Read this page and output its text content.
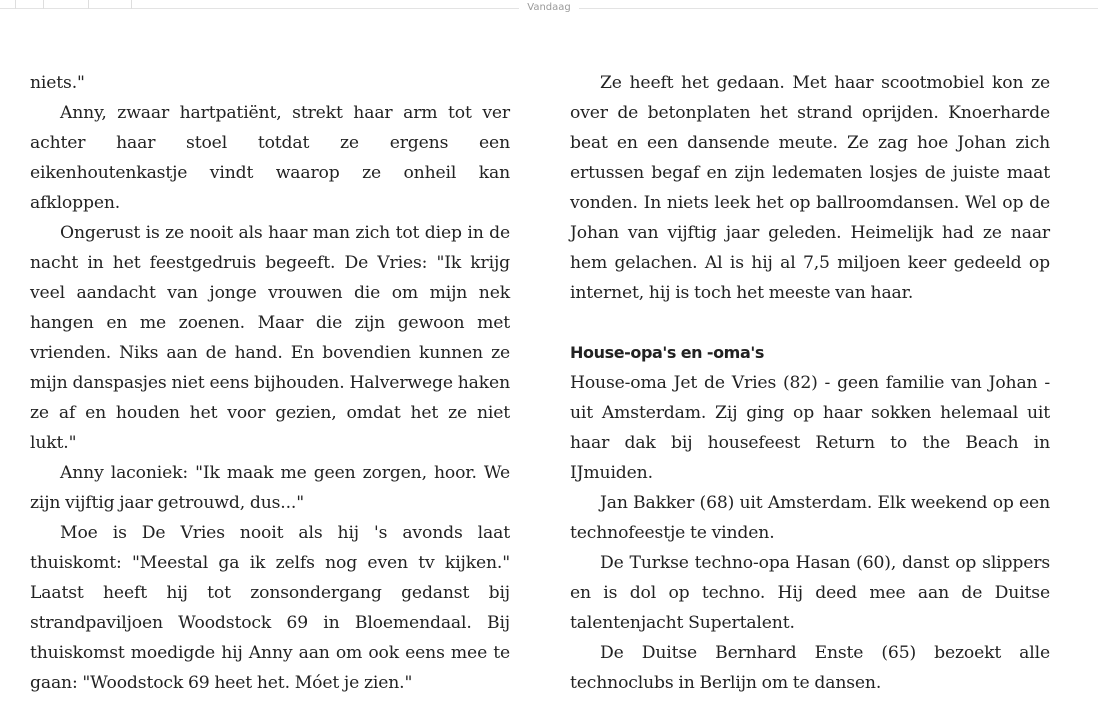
Vandaag

niets."

Anny, zwaar hartpatiënt, strekt haar arm tot ver achter haar stoel totdat ze ergens een eikenhoutenkastje vindt waarop ze onheil kan afkloppen.

Ongerust is ze nooit als haar man zich tot diep in de nacht in het feestgedruis begeeft. De Vries: "Ik krijg veel aandacht van jonge vrouwen die om mijn nek hangen en me zoenen. Maar die zijn gewoon met vrienden. Niks aan de hand. En bovendien kunnen ze mijn danspasjes niet eens bijhouden. Halverwege haken ze af en houden het voor gezien, omdat het ze niet lukt."

Anny laconiek: "Ik maak me geen zorgen, hoor. We zijn vijftig jaar getrouwd, dus..."

Moe is De Vries nooit als hij 's avonds laat thuiskomt: "Meestal ga ik zelfs nog even tv kijken." Laatst heeft hij tot zonsondergang gedanst bij strandpaviljoen Woodstock 69 in Bloemendaal. Bij thuiskomst moedigde hij Anny aan om ook eens mee te gaan: "Woodstock 69 heet het. Móet je zien."

Ze heeft het gedaan. Met haar scootmobiel kon ze over de betonplaten het strand oprijden. Knoerharde beat en een dansende meute. Ze zag hoe Johan zich ertussen begaf en zijn ledematen losjes de juiste maat vonden. In niets leek het op ballroomdansen. Wel op de Johan van vijftig jaar geleden. Heimelijk had ze naar hem gelachen. Al is hij al 7,5 miljoen keer gedeeld op internet, hij is toch het meeste van haar.

House-opa's en -oma's

House-oma Jet de Vries (82) - geen familie van Johan - uit Amsterdam. Zij ging op haar sokken helemaal uit haar dak bij housefeest Return to the Beach in IJmuiden.

Jan Bakker (68) uit Amsterdam. Elk weekend op een technofeestje te vinden.

De Turkse techno-opa Hasan (60), danst op slippers en is dol op techno. Hij deed mee aan de Duitse talentenjacht Supertalent.

De Duitse Bernhard Enste (65) bezoekt alle technoclubs in Berlijn om te dansen.
